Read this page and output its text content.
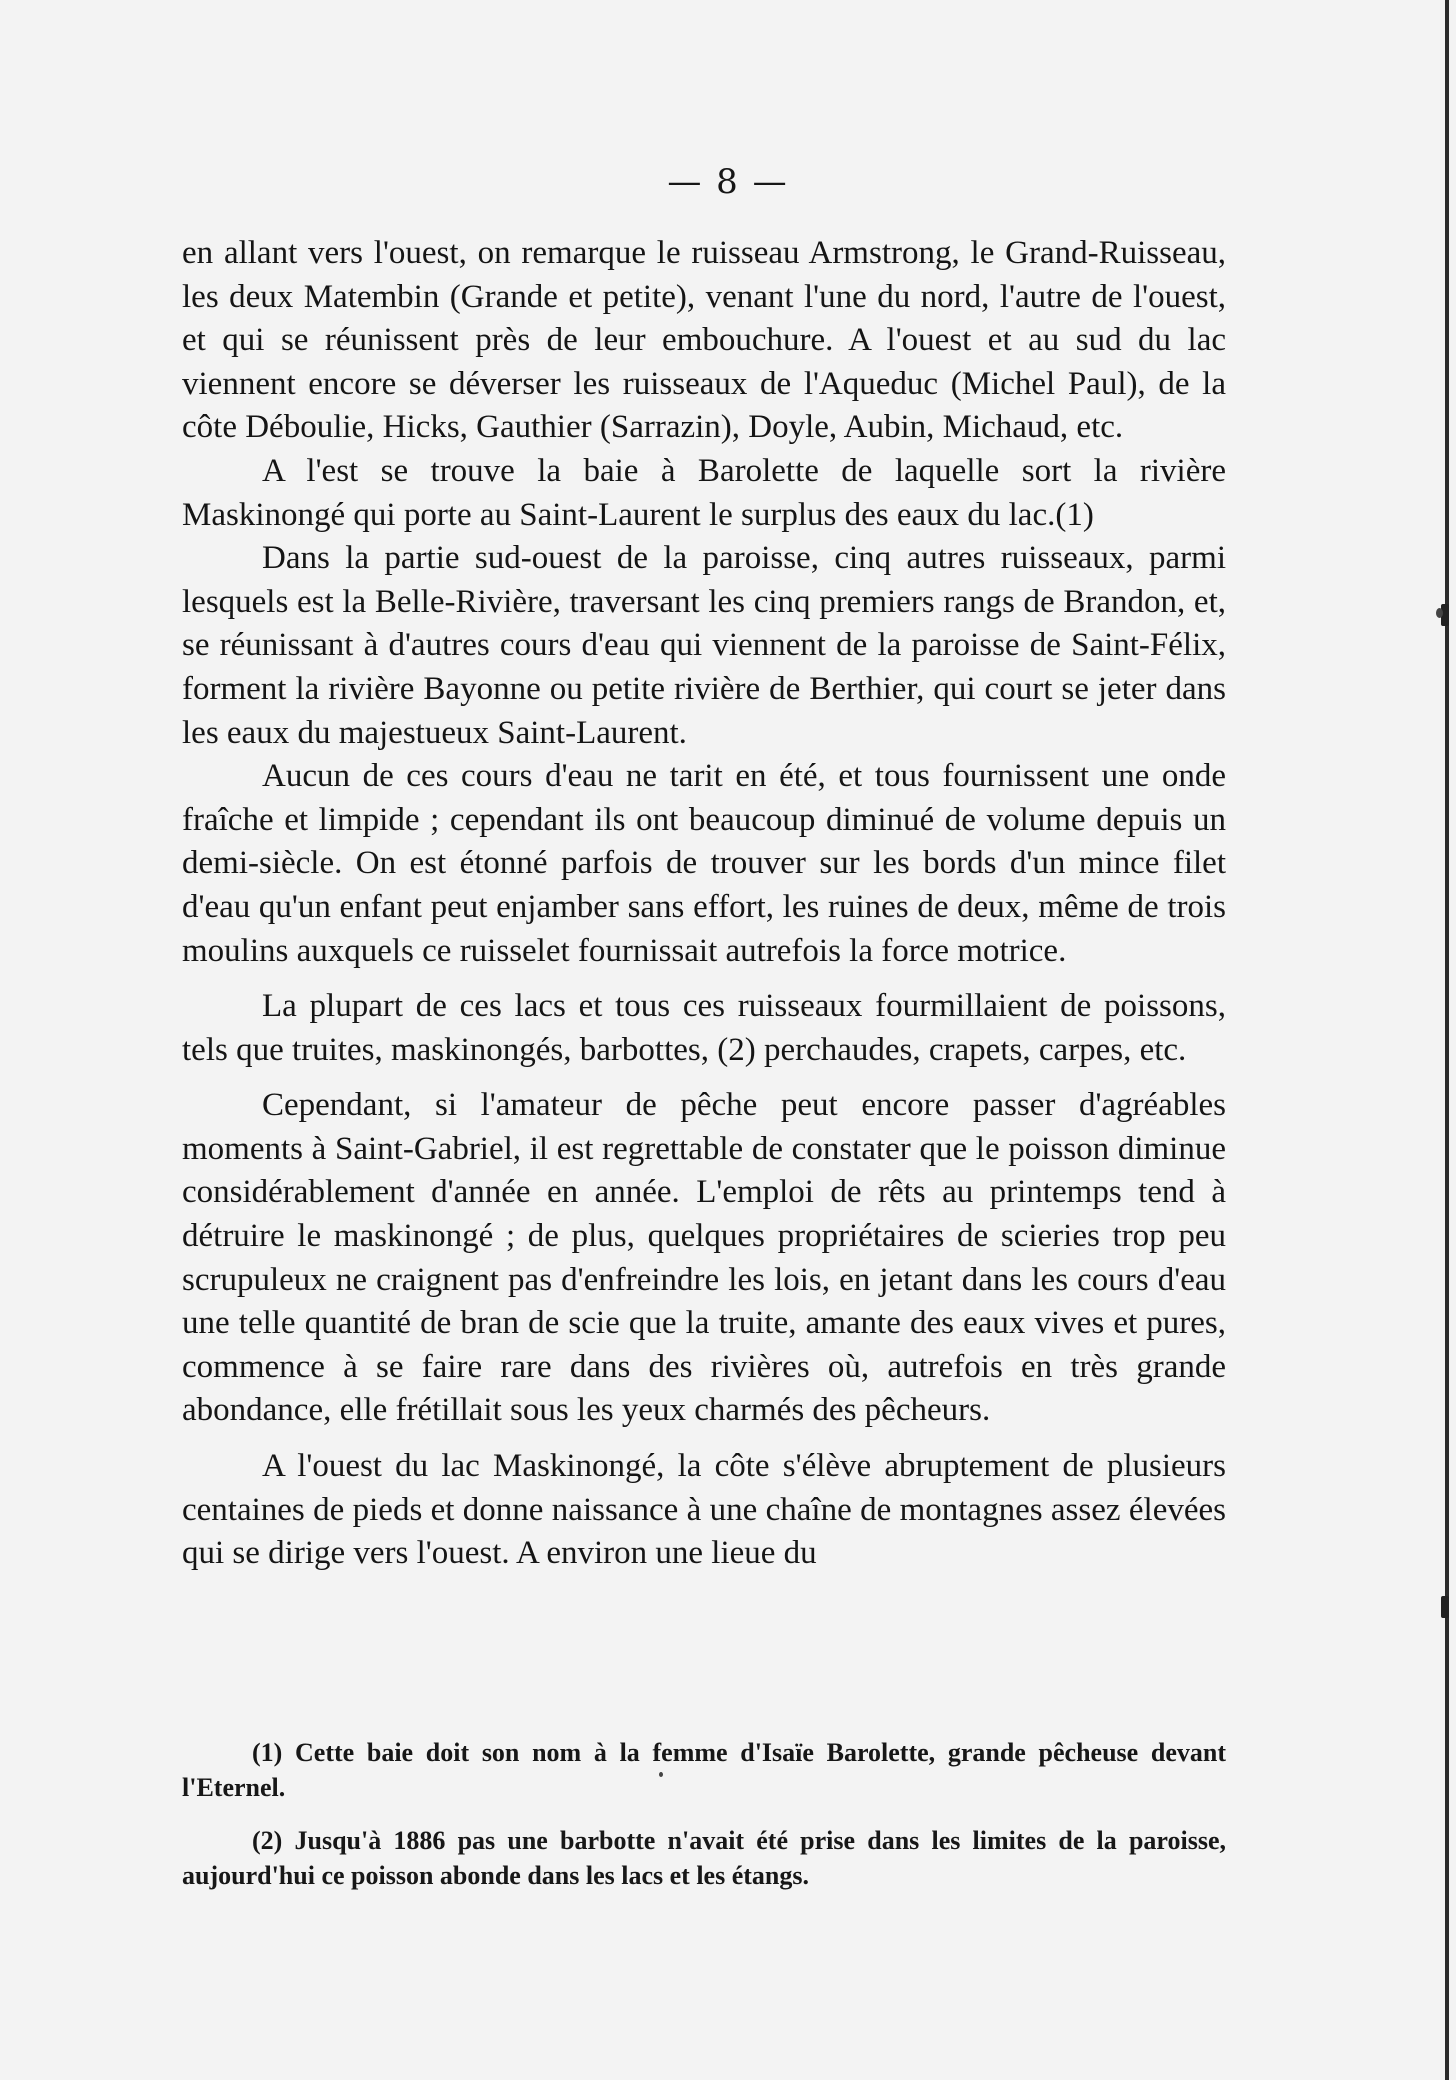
— 8 —

en allant vers l'ouest, on remarque le ruisseau Armstrong, le Grand-Ruisseau, les deux Matembin (Grande et petite), venant l'une du nord, l'autre de l'ouest, et qui se réunissent près de leur embouchure. A l'ouest et au sud du lac viennent encore se déverser les ruisseaux de l'Aqueduc (Michel Paul), de la côte Déboulie, Hicks, Gauthier (Sarrazin), Doyle, Aubin, Michaud, etc.

A l'est se trouve la baie à Barolette de laquelle sort la rivière Maskinongé qui porte au Saint-Laurent le surplus des eaux du lac.(1)

Dans la partie sud-ouest de la paroisse, cinq autres ruisseaux, parmi lesquels est la Belle-Rivière, traversant les cinq premiers rangs de Brandon, et, se réunissant à d'autres cours d'eau qui viennent de la paroisse de Saint-Félix, forment la rivière Bayonne ou petite rivière de Berthier, qui court se jeter dans les eaux du majestueux Saint-Laurent.

Aucun de ces cours d'eau ne tarit en été, et tous fournissent une onde fraîche et limpide ; cependant ils ont beaucoup diminué de volume depuis un demi-siècle. On est étonné parfois de trouver sur les bords d'un mince filet d'eau qu'un enfant peut enjamber sans effort, les ruines de deux, même de trois moulins auxquels ce ruisselet fournissait autrefois la force motrice.

La plupart de ces lacs et tous ces ruisseaux fourmillaient de poissons, tels que truites, maskinongés, barbottes, (2) perchaudes, crapets, carpes, etc.

Cependant, si l'amateur de pêche peut encore passer d'agréables moments à Saint-Gabriel, il est regrettable de constater que le poisson diminue considérablement d'année en année. L'emploi de rêts au printemps tend à détruire le maskinongé ; de plus, quelques propriétaires de scieries trop peu scrupuleux ne craignent pas d'enfreindre les lois, en jetant dans les cours d'eau une telle quantité de bran de scie que la truite, amante des eaux vives et pures, commence à se faire rare dans des rivières où, autrefois en très grande abondance, elle frétillait sous les yeux charmés des pêcheurs.

A l'ouest du lac Maskinongé, la côte s'élève abruptement de plusieurs centaines de pieds et donne naissance à une chaîne de montagnes assez élevées qui se dirige vers l'ouest. A environ une lieue du

(1) Cette baie doit son nom à la femme d'Isaïe Barolette, grande pêcheuse devant l'Eternel.

(2) Jusqu'à 1886 pas une barbotte n'avait été prise dans les limites de la paroisse, aujourd'hui ce poisson abonde dans les lacs et les étangs.
